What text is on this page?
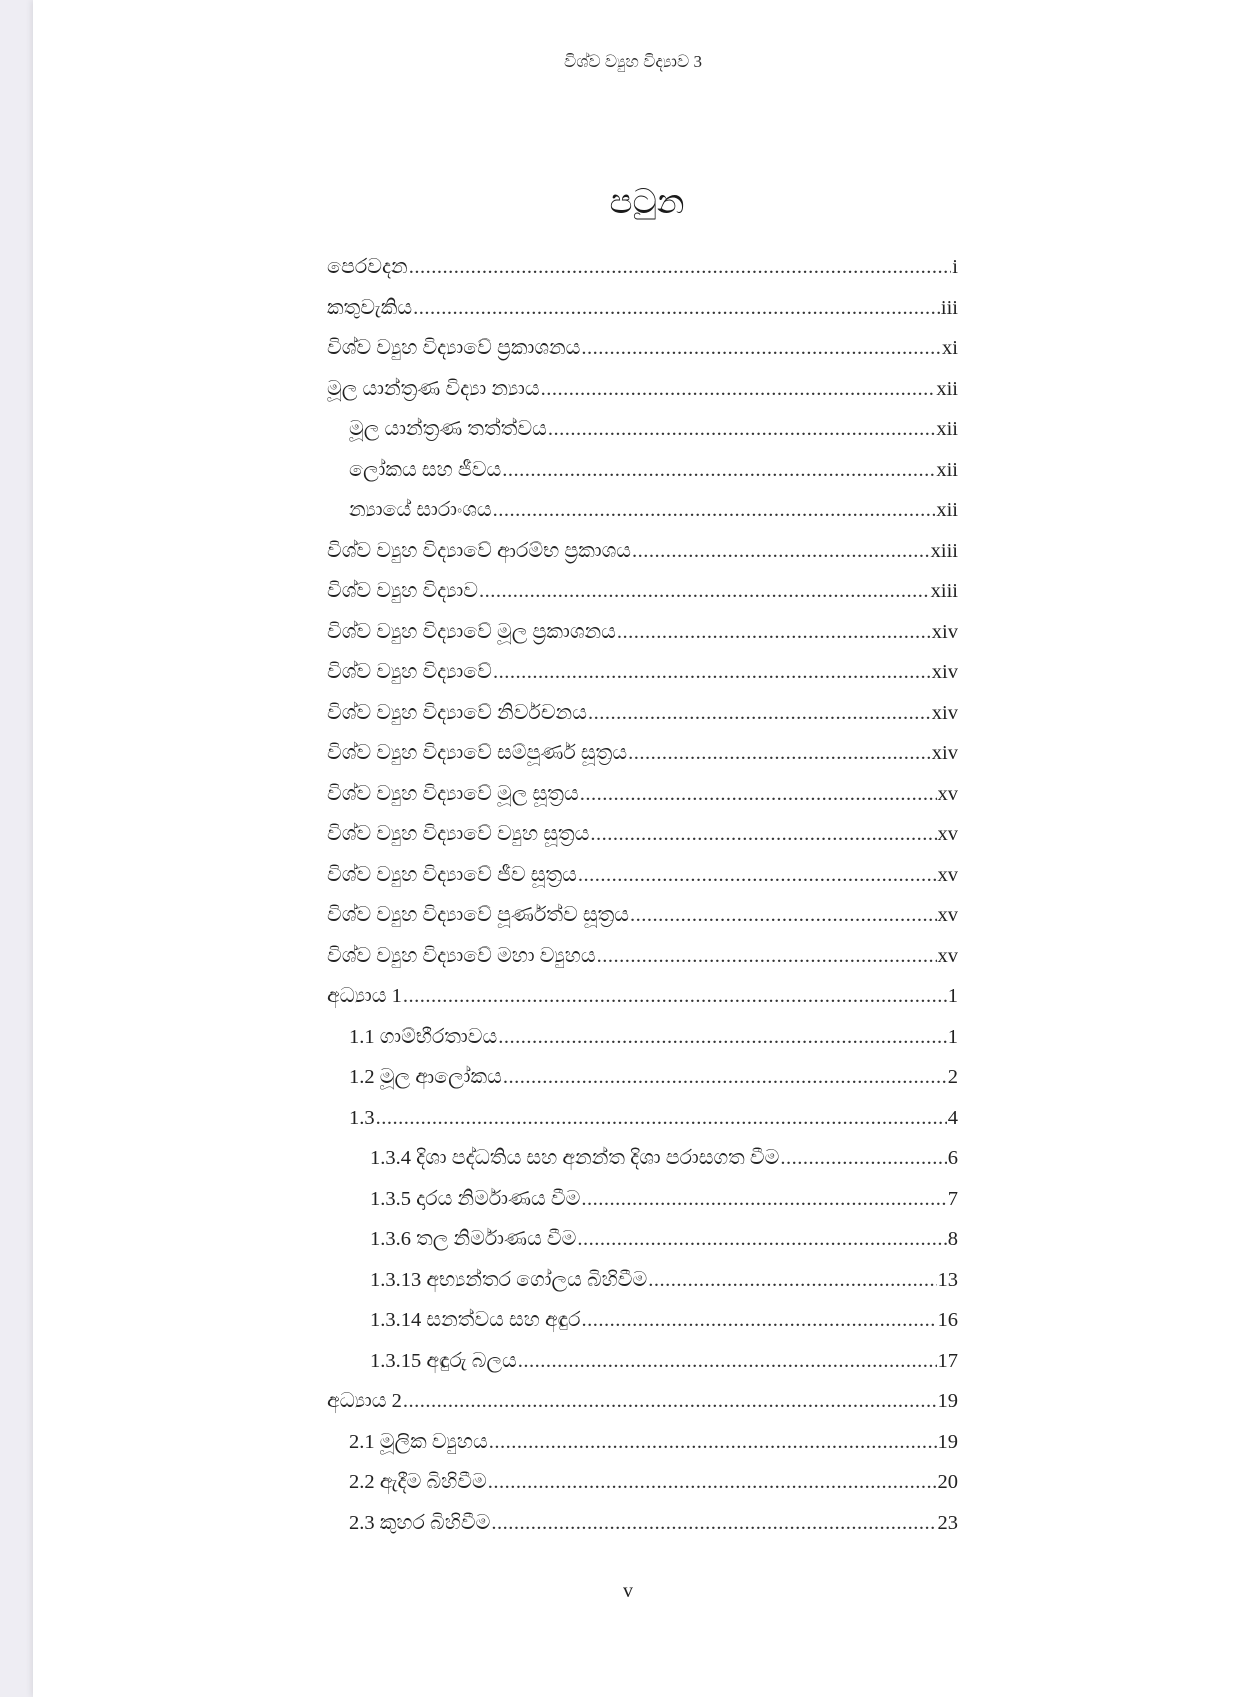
විශ්ව ව්‍යුහ විද්‍යාව 3
පටුන
පෙරවදන .....	i
කතුවැකිය .....	iii
විශ්ව ව්‍යුහ විද්‍යාවේ ප්‍රකාශනය .....	xi
මූල යාන්ත්‍රණ විද්‍යා න්‍යාය .....	xii
මූල යාන්ත්‍රණ තත්ත්වය .....	xii
ලෝකය සහ ජීවය .....	xii
න්‍යායේ සාරාංශය .....	xii
විශ්ව ව්‍යුහ විද්‍යාවේ ආරම්භ ප්‍රකාශය .....	xiii
විශ්ව ව්‍යුහ විද්‍යාව .....	xiii
විශ්ව ව්‍යුහ විද්‍යාවේ මූල ප්‍රකාශනය .....	xiv
විශ්ව ව්‍යුහ විද්‍යාවේ .....	xiv
විශ්ව ව්‍යුහ විද්‍යාවේ නිර්වචනය .....	xiv
විශ්ව ව්‍යුහ විද්‍යාවේ සම්පූර්ණ සූත්‍රය .....	xiv
විශ්ව ව්‍යුහ විද්‍යාවේ මූල සූත්‍රය .....	xv
විශ්ව ව්‍යුහ විද්‍යාවේ ව්‍යුහ සූත්‍රය .....	xv
විශ්ව ව්‍යුහ විද්‍යාවේ ජීව සූත්‍රය .....	xv
විශ්ව ව්‍යුහ විද්‍යාවේ පූර්ණත්ව සූත්‍රය .....	xv
විශ්ව ව්‍යුහ විද්‍යාවේ මහා ව්‍යුහය .....	xv
අධ්‍යාය 1 .....	1
1.1 ගාම්භීරතාවය .....	1
1.2 මූල ආලෝකය .....	2
1.3 .....	4
1.3.4 දිශා පද්ධතිය සහ අනන්ත දිශා පරාසගත වීම .....	6
1.3.5 දාරය නිර්මාණය වීම .....	7
1.3.6 තල නිර්මාණය වීම .....	8
1.3.13 අභ්‍යන්තර ගෝලය බිහිවීම .....	13
1.3.14 සනත්වය සහ අඳුර .....	16
1.3.15 අඳුරු බලය .....	17
අධ්‍යාය 2 .....	19
2.1 මූලික ව්‍යුහය .....	19
2.2 ඇදීම බිහිවීම .....	20
2.3 කුහර බිහිවීම .....	23
v
